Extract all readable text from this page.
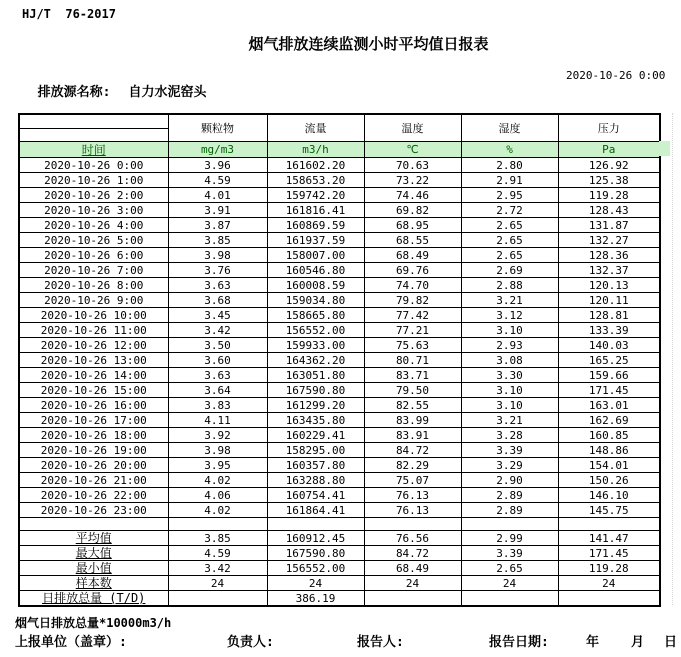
HJ/T  76-2017
烟气排放连续监测小时平均值日报表

排放源名称: 自力水泥窑头

2020-10-26 0:00
	颗粒物	流量	温度	湿度	压力

时间	mg/m3	m3/h	℃	%	Pa
2020-10-26 0:00	3.96	161602.20	70.63	2.80	126.92
2020-10-26 1:00	4.59	158653.20	73.22	2.91	125.38
2020-10-26 2:00	4.01	159742.20	74.46	2.95	119.28
2020-10-26 3:00	3.91	161816.41	69.82	2.72	128.43
2020-10-26 4:00	3.87	160869.59	68.95	2.65	131.87
2020-10-26 5:00	3.85	161937.59	68.55	2.65	132.27
2020-10-26 6:00	3.98	158007.00	68.49	2.65	128.36
2020-10-26 7:00	3.76	160546.80	69.76	2.69	132.37
2020-10-26 8:00	3.63	160008.59	74.70	2.88	120.13
2020-10-26 9:00	3.68	159034.80	79.82	3.21	120.11
2020-10-26 10:00	3.45	158665.80	77.42	3.12	128.81
2020-10-26 11:00	3.42	156552.00	77.21	3.10	133.39
2020-10-26 12:00	3.50	159933.00	75.63	2.93	140.03
2020-10-26 13:00	3.60	164362.20	80.71	3.08	165.25
2020-10-26 14:00	3.63	163051.80	83.71	3.30	159.66
2020-10-26 15:00	3.64	167590.80	79.50	3.10	171.45
2020-10-26 16:00	3.83	161299.20	82.55	3.10	163.01
2020-10-26 17:00	4.11	163435.80	83.99	3.21	162.69
2020-10-26 18:00	3.92	160229.41	83.91	3.28	160.85
2020-10-26 19:00	3.98	158295.00	84.72	3.39	148.86
2020-10-26 20:00	3.95	160357.80	82.29	3.29	154.01
2020-10-26 21:00	4.02	163288.80	75.07	2.90	150.26
2020-10-26 22:00	4.06	160754.41	76.13	2.89	146.10
2020-10-26 23:00	4.02	161864.41	76.13	2.89	145.75

平均值	3.85	160912.45	76.56	2.99	141.47
最大值	4.59	167590.80	84.72	3.39	171.45
最小值	3.42	156552.00	68.49	2.65	119.28
样本数	24	24	24	24	24
日排放总量 (T/D)		386.19			
烟气日排放总量*10000m3/h
上报单位（盖章）:	负责人:	报告人:	报告日期:	年 月 日
